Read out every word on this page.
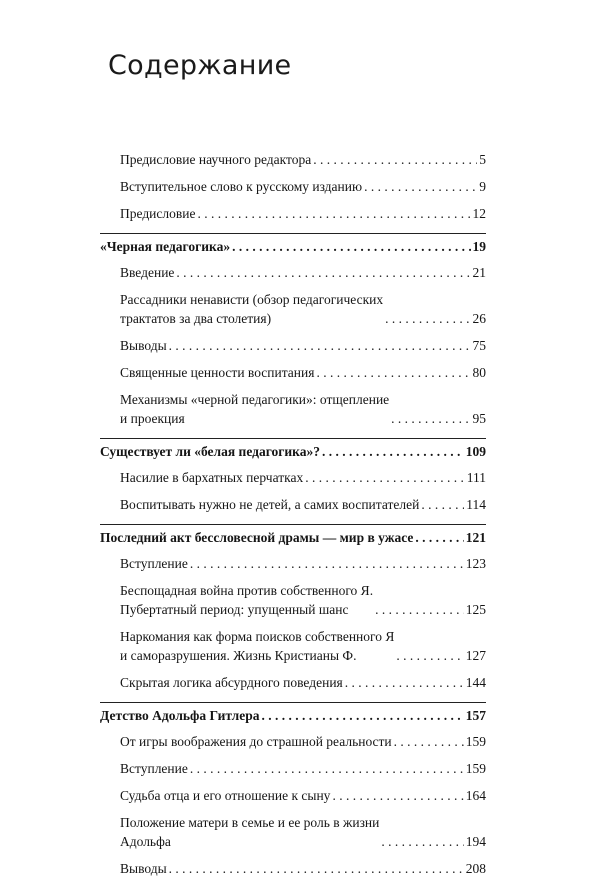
Содержание
Предисловие научного редактора . . .	5
Вступительное слово к русскому изданию . . .	9
Предисловие . . .	12
«Черная педагогика» . . .	19
Введение . . .	21
Рассадники ненависти (обзор педагогических
трактатов за два столетия) . . .	26
Выводы . . .	75
Священные ценности воспитания . . .	80
Механизмы «черной педагогики»: отщепление
и проекция . . .	95
Существует ли «белая педагогика»? . . .	109
Насилие в бархатных перчатках . . .	111
Воспитывать нужно не детей, а самих воспитателей . . .	114
Последний акт бессловесной драмы — мир в ужасе . . .	121
Вступление . . .	123
Беспощадная война против собственного Я.
Пубертатный период: упущенный шанс . . .	125
Наркомания как форма поисков собственного Я
и саморазрушения. Жизнь Кристианы Ф. . . .	127
Скрытая логика абсурдного поведения . . .	144
Детство Адольфа Гитлера . . .	157
От игры воображения до страшной реальности . . .	159
Вступление . . .	159
Судьба отца и его отношение к сыну . . .	164
Положение матери в семье и ее роль в жизни
Адольфа . . .	194
Выводы . . .	208
